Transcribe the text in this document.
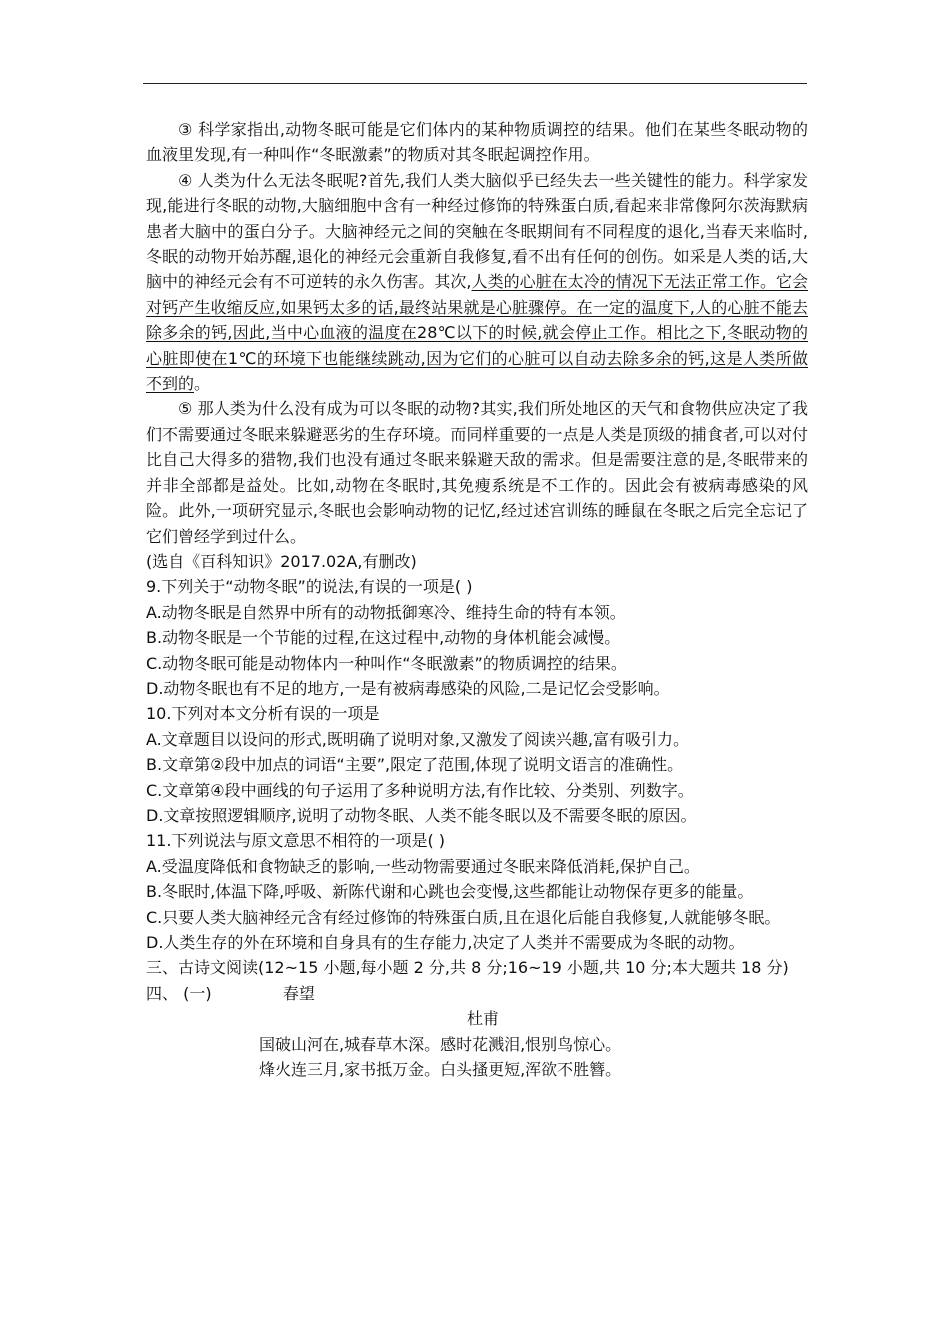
③ 科学家指出,动物冬眠可能是它们体内的某种物质调控的结果。他们在某些冬眠动物的血液里发现,有一种叫作“冬眠激素”的物质对其冬眠起调控作用。

④ 人类为什么无法冬眠呢?首先,我们人类大脑似乎已经失去一些关键性的能力。科学家发现,能进行冬眠的动物,大脑细胞中含有一种经过修饰的特殊蛋白质,看起来非常像阿尔茨海默病患者大脑中的蛋白分子。大脑神经元之间的突触在冬眠期间有不同程度的退化,当春天来临时,冬眠的动物开始苏醒,退化的神经元会重新自我修复,看不出有任何的创伤。如采是人类的话,大脑中的神经元会有不可逆转的永久伤害。其次,人类的心脏在太冷的情况下无法正常工作。它会对钙产生收缩反应,如果钙太多的话,最终站果就是心脏骤停。在一定的温度下,人的心脏不能去除多余的钙,因此,当中心血液的温度在28℃以下的时候,就会停止工作。相比之下,冬眠动物的心脏即使在1℃的环境下也能继续跳动,因为它们的心脏可以自动去除多余的钙,这是人类所做不到的。

⑤ 那人类为什么没有成为可以冬眠的动物?其实,我们所处地区的天气和食物供应决定了我们不需要通过冬眠来躲避恶劣的生存环境。而同样重要的一点是人类是顶级的捕食者,可以对付比自己大得多的猎物,我们也没有通过冬眠来躲避天敌的需求。但是需要注意的是,冬眠带来的并非全部都是益处。比如,动物在冬眠时,其免瘦系统是不工作的。因此会有被病毒感染的风险。此外,一项研究显示,冬眠也会影响动物的记忆,经过述宫训练的睡鼠在冬眠之后完全忘记了它们曾经学到过什么。

(选自《百科知识》2017.02A,有删改)

9.下列关于“动物冬眠”的说法,有误的一项是( )

A.动物冬眠是自然界中所有的动物抵御寒冷、维持生命的特有本领。

B.动物冬眠是一个节能的过程,在这过程中,动物的身体机能会减慢。

C.动物冬眠可能是动物体内一种叫作“冬眠激素”的物质调控的结果。

D.动物冬眠也有不足的地方,一是有被病毒感染的风险,二是记忆会受影响。

10.下列对本文分析有误的一项是

A.文章题目以设问的形式,既明确了说明对象,又激发了阅读兴趣,富有吸引力。

B.文章第②段中加点的词语“主要”,限定了范围,体现了说明文语言的准确性。

C.文章第④段中画线的句子运用了多种说明方法,有作比较、分类别、列数字。

D.文章按照逻辑顺序,说明了动物冬眠、人类不能冬眠以及不需要冬眠的原因。

11.下列说法与原文意思不相符的一项是( )

A.受温度降低和食物缺乏的影响,一些动物需要通过冬眠来降低消耗,保护自己。

B.冬眠时,体温下降,呼吸、新陈代谢和心跳也会变慢,这些都能让动物保存更多的能量。

C.只要人类大脑神经元含有经过修饰的特殊蛋白质,且在退化后能自我修复,人就能够冬眠。

D.人类生存的外在环境和自身具有的生存能力,决定了人类并不需要成为冬眠的动物。

三、古诗文阅读(12~15 小题,每小题 2 分,共 8 分;16~19 小题,共 10 分;本大题共 18 分)

四、 (一)	春望

杜甫

国破山河在,城春草木深。感时花溅泪,恨别鸟惊心。

烽火连三月,家书抵万金。白头搔更短,浑欲不胜簪。
